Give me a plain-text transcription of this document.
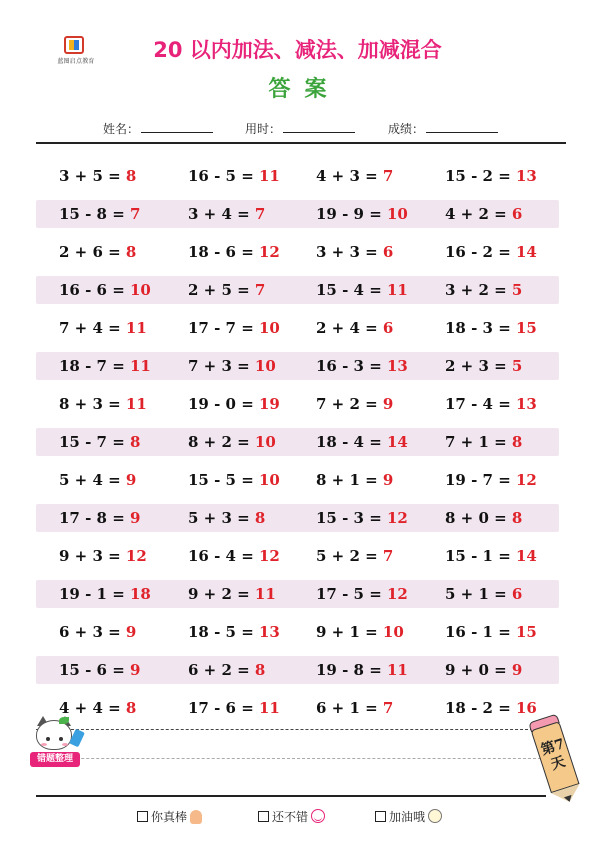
蓝图启点教育	20 以内加法、减法、加减混合
答案
姓名：	用时：	成绩：
3 + 5 = 8	16 - 5 = 11 4 + 3 = 7	15 - 2 = 13
15 - 8 = 7	3 + 4 = 7	19 - 9 = 10 4 + 2 = 6
2 + 6 = 8	18 - 6 = 12 3 + 3 = 6	16 - 2 = 14
16 - 6 = 10 2 + 5 = 7	15 - 4 = 11 3 + 2 = 5
7 + 4 = 11	17 - 7 = 10 2 + 4 = 6	18 - 3 = 15
18 - 7 = 11 7 + 3 = 10	16 - 3 = 13 2 + 3 = 5
8 + 3 = 11	19 - 0 = 19 7 + 2 = 9	17 - 4 = 13
15 - 7 = 8	8 + 2 = 10	18 - 4 = 14 7 + 1 = 8
5 + 4 = 9	15 - 5 = 10 8 + 1 = 9	19 - 7 = 12
17 - 8 = 9	5 + 3 = 8	15 - 3 = 12 8 + 0 = 8
9 + 3 = 12	16 - 4 = 12 5 + 2 = 7	15 - 1 = 14
19 - 1 = 18 9 + 2 = 11	17 - 5 = 12 5 + 1 = 6
6 + 3 = 9	18 - 5 = 13 9 + 1 = 10	16 - 1 = 15
15 - 6 = 9	6 + 2 = 8	19 - 8 = 11 9 + 0 = 9
4 + 4 = 8	17 - 6 = 11 6 + 1 = 7	18 - 2 = 16
错题整理
第7天
你真棒	还不错	加油哦
